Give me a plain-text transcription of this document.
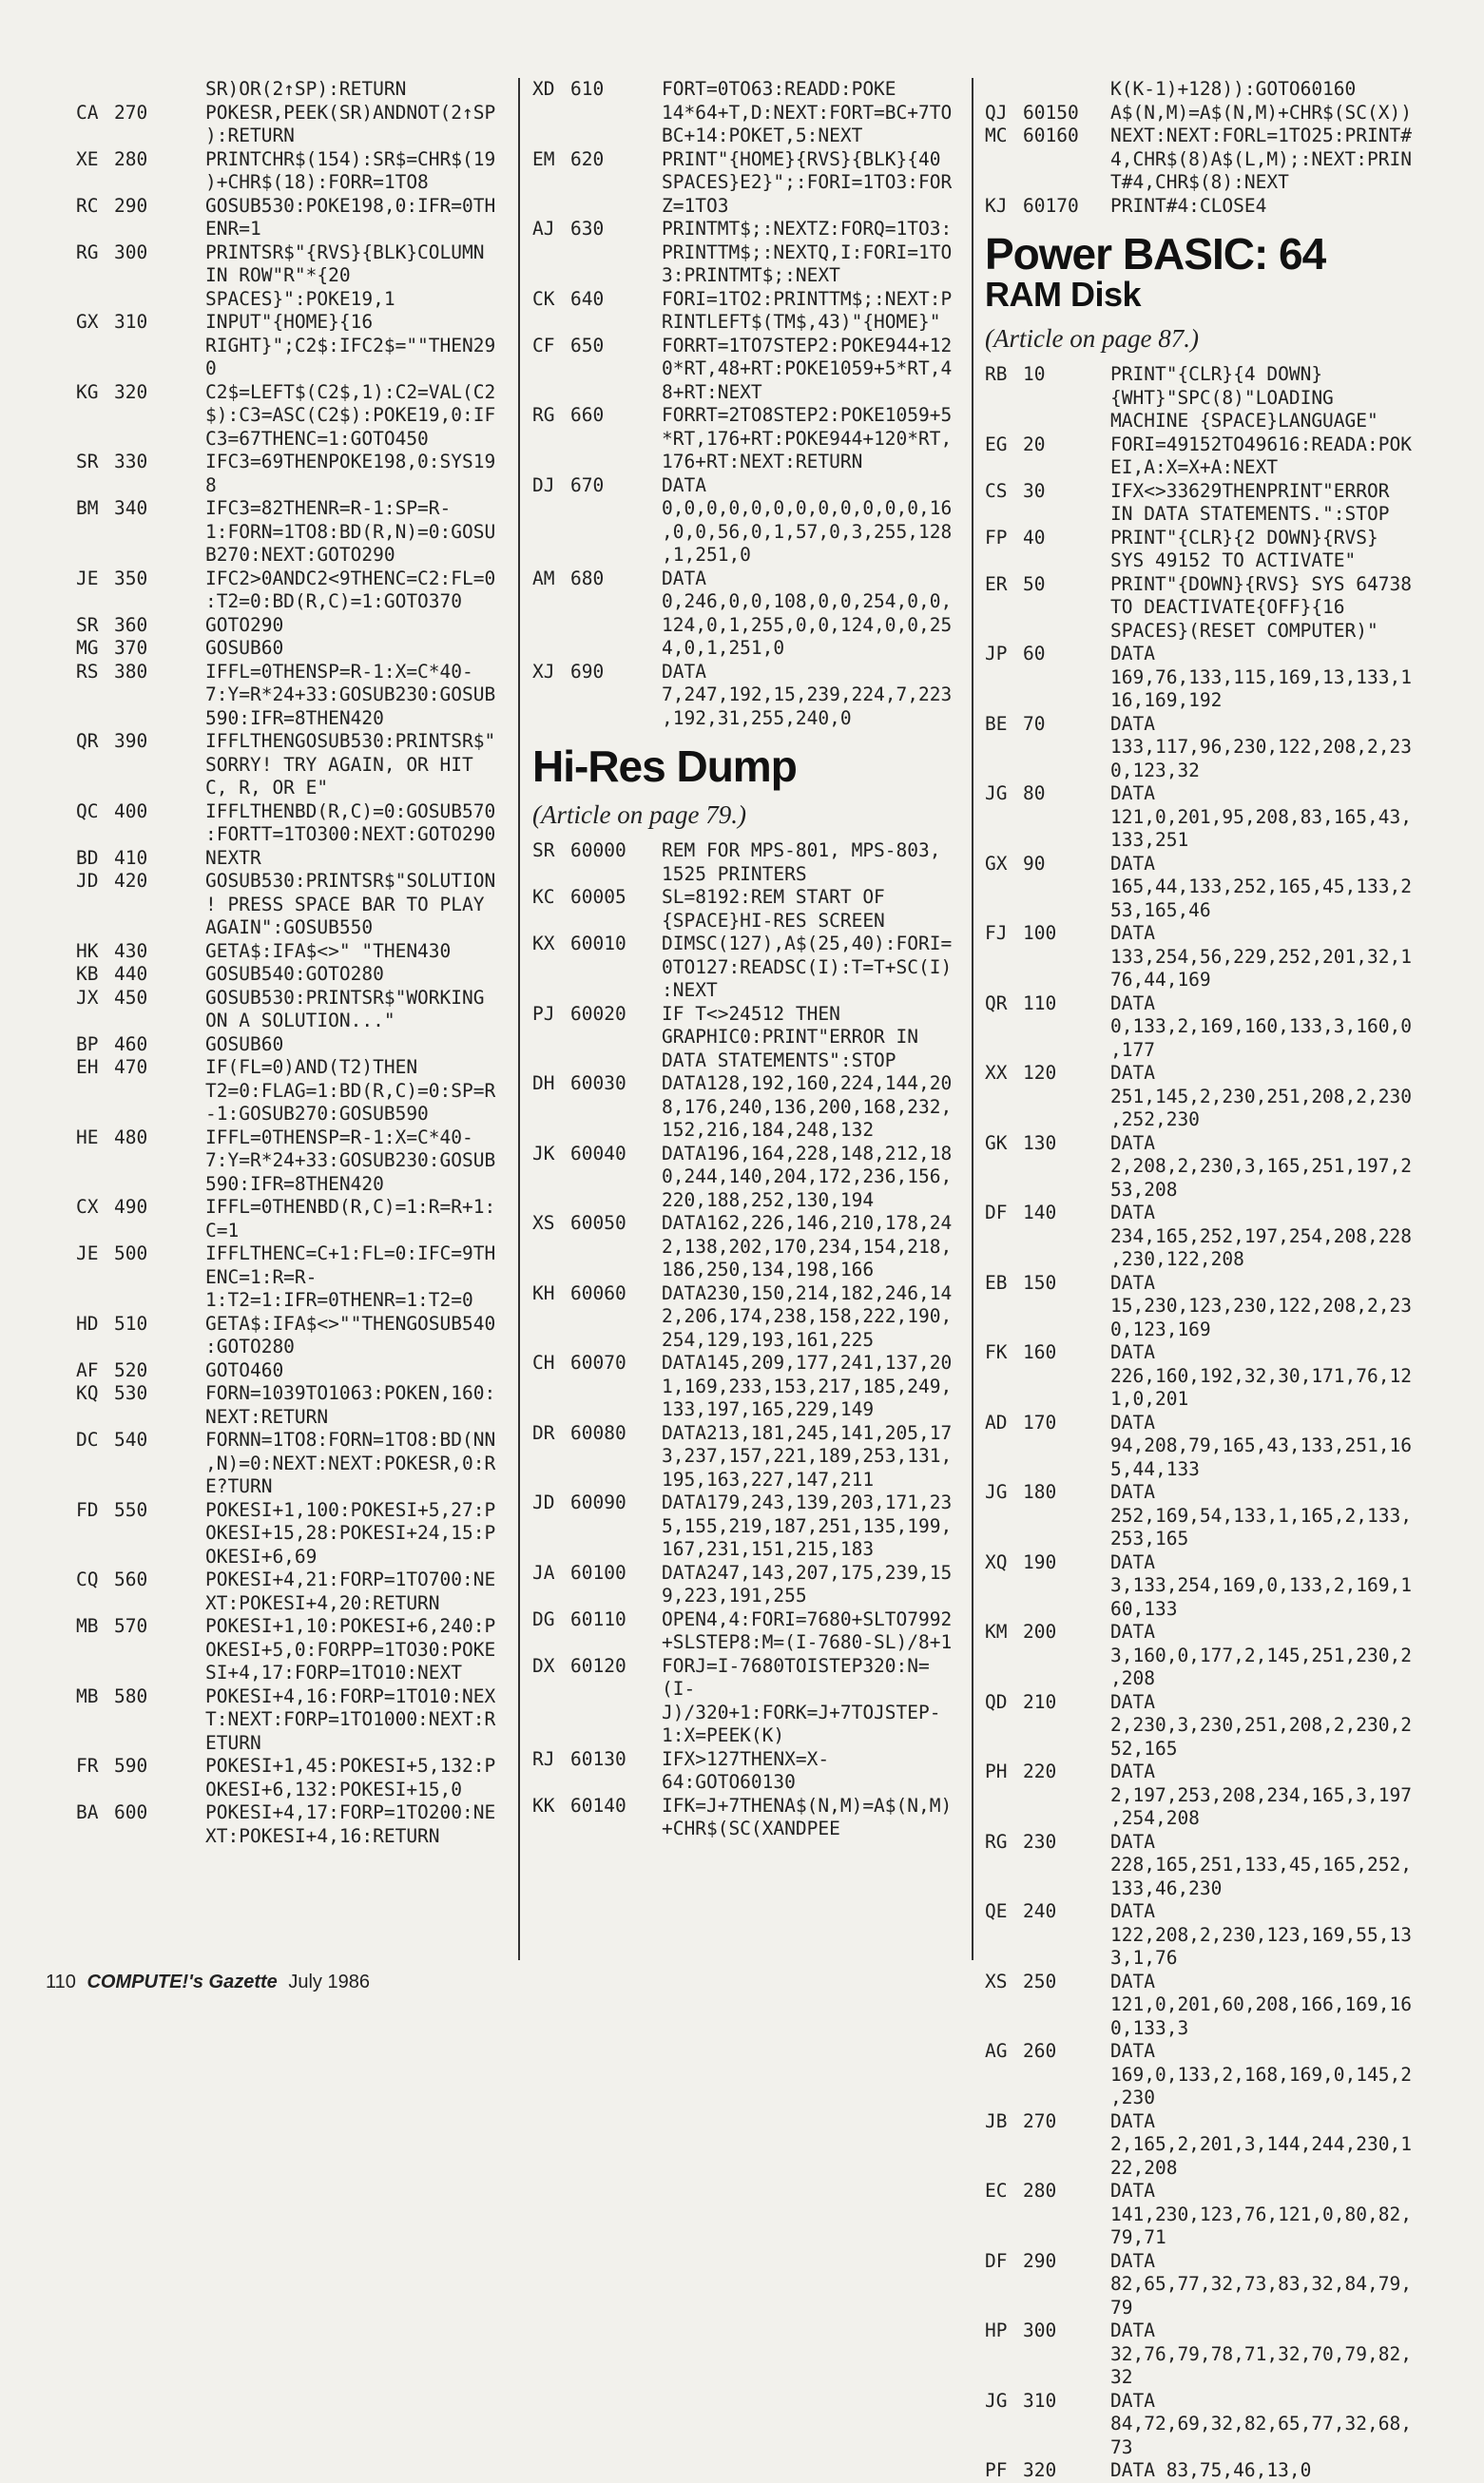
SR)OR(2↑SP):RETURN
CA 270	POKESR,PEEK(SR)ANDNOT(2↑SP):RETURN
XE 280	PRINTCHR$(154):SR$=CHR$(19)+CHR$(18):FORR=1TO8
RC 290	GOSUB530:POKE198,0:IFR=0THENR=1
RG 300	PRINTSR$"{RVS}{BLK}COLUMN IN ROW"R"*{20 SPACES}":POKE19,1
GX 310	INPUT"{HOME}{16 RIGHT}";C2$:IFC2$=""THEN290
KG 320	C2$=LEFT$(C2$,1):C2=VAL(C2$):C3=ASC(C2$):POKE19,0:IFC3=67THENC=1:GOTO450
SR 330	IFC3=69THENPOKE198,0:SYS198
BM 340	IFC3=82THENR=R-1:SP=R-1:FORN=1TO8:BD(R,N)=0:GOSUB270:NEXT:GOTO290
JE 350	IFC2>0ANDC2<9THENC=C2:FL=0:T2=0:BD(R,C)=1:GOTO370
SR 360	GOTO290
MG 370	GOSUB60
RS 380	IFFL=0THENSP=R-1:X=C*40-7:Y=R*24+33:GOSUB230:GOSUB590:IFR=8THEN420
QR 390	IFFLTHENGOSUB530:PRINTSR$"SORRY! TRY AGAIN, OR HIT C, R, OR E"
QC 400	IFFLTHENBD(R,C)=0:GOSUB570:FORTT=1TO300:NEXT:GOTO290
BD 410	NEXTR
JD 420	GOSUB530:PRINTSR$"SOLUTION! PRESS SPACE BAR TO PLAY AGAIN":GOSUB550
HK 430	GETA$:IFA$<>" "THEN430
KB 440	GOSUB540:GOTO280
JX 450	GOSUB530:PRINTSR$"WORKING ON A SOLUTION..."
BP 460	GOSUB60
EH 470	IF(FL=0)AND(T2)THEN T2=0:FLAG=1:BD(R,C)=0:SP=R-1:GOSUB270:GOSUB590
HE 480	IFFL=0THENSP=R-1:X=C*40-7:Y=R*24+33:GOSUB230:GOSUB590:IFR=8THEN420
CX 490	IFFL=0THENBD(R,C)=1:R=R+1:C=1
JE 500	IFFLTHENC=C+1:FL=0:IFC=9THENC=1:R=R-1:T2=1:IFR=0THENR=1:T2=0
HD 510	GETA$:IFA$<>""THENGOSUB540:GOTO280
AF 520	GOTO460
KQ 530	FORN=1039TO1063:POKEN,160:NEXT:RETURN
DC 540	FORNN=1TO8:FORN=1TO8:BD(NN,N)=0:NEXT:NEXT:POKESR,0:RE?TURN
FD 550	POKESI+1,100:POKESI+5,27:POKESI+15,28:POKESI+24,15:POKESI+6,69
CQ 560	POKESI+4,21:FORP=1TO700:NEXT:POKESI+4,20:RETURN
MB 570	POKESI+1,10:POKESI+6,240:POKESI+5,0:FORPP=1TO30:POKESI+4,17:FORP=1TO10:NEXT
MB 580	POKESI+4,16:FORP=1TO10:NEXT:NEXT:FORP=1TO1000:NEXT:RETURN
FR 590	POKESI+1,45:POKESI+5,132:POKESI+6,132:POKESI+15,0
BA 600	POKESI+4,17:FORP=1TO200:NEXT:POKESI+4,16:RETURN
XD 610	FORT=0TO63:READD:POKE 14*64+T,D:NEXT:FORT=BC+7TOBC+14:POKET,5:NEXT
EM 620	PRINT"{HOME}{RVS}{BLK}{40 SPACES}E2}";:FORI=1TO3:FORZ=1TO3
AJ 630	PRINTMT$;:NEXTZ:FORQ=1TO3:PRINTTM$;:NEXTQ,I:FORI=1TO3:PRINTMT$;:NEXT
CK 640	FORI=1TO2:PRINTTM$;:NEXT:PRINTLEFT$(TM$,43)"{HOME}"
CF 650	FORRT=1TO7STEP2:POKE944+120*RT,48+RT:POKE1059+5*RT,48+RT:NEXT
RG 660	FORRT=2TO8STEP2:POKE1059+5*RT,176+RT:POKE944+120*RT,176+RT:NEXT:RETURN
DJ 670	DATA 0,0,0,0,0,0,0,0,0,0,0,0,16,0,0,56,0,1,57,0,3,255,128,1,251,0
AM 680	DATA 0,246,0,0,108,0,0,254,0,0,124,0,1,255,0,0,124,0,0,254,0,1,251,0
XJ 690	DATA 7,247,192,15,239,224,7,223,192,31,255,240,0
Hi-Res Dump
(Article on page 79.)
SR 60000	REM FOR MPS-801, MPS-803, 1525 PRINTERS
KC 60005	SL=8192:REM START OF {SPACE}HI-RES SCREEN
KX 60010	DIMSC(127),A$(25,40):FORI=0TO127:READSC(I):T=T+SC(I):NEXT
PJ 60020	IF T<>24512 THEN GRAPHIC0:PRINT"ERROR IN DATA STATEMENTS":STOP
DH 60030	DATA128,192,160,224,144,208,176,240,136,200,168,232,152,216,184,248,132
JK 60040	DATA196,164,228,148,212,180,244,140,204,172,236,156,220,188,252,130,194
XS 60050	DATA162,226,146,210,178,242,138,202,170,234,154,218,186,250,134,198,166
KH 60060	DATA230,150,214,182,246,142,206,174,238,158,222,190,254,129,193,161,225
CH 60070	DATA145,209,177,241,137,201,169,233,153,217,185,249,133,197,165,229,149
DR 60080	DATA213,181,245,141,205,173,237,157,221,189,253,131,195,163,227,147,211
JD 60090	DATA179,243,139,203,171,235,155,219,187,251,135,199,167,231,151,215,183
JA 60100	DATA247,143,207,175,239,159,223,191,255
DG 60110	OPEN4,4:FORI=7680+SLTO7992+SLSTEP8:M=(I-7680-SL)/8+1
DX 60120	FORJ=I-7680TOISTEP320:N=(I-J)/320+1:FORK=J+7TOJSTEP-1:X=PEEK(K)
RJ 60130	IFX>127THENX=X-64:GOTO60130
KK 60140	IFK=J+7THENA$(N,M)=A$(N,M)+CHR$(SC(XANDPEE
K(K-1)+128)):GOTO60160
QJ 60150	A$(N,M)=A$(N,M)+CHR$(SC(X))
MC 60160	NEXT:NEXT:FORL=1TO25:PRINT#4,CHR$(8)A$(L,M);:NEXT:PRINT#4,CHR$(8):NEXT
KJ 60170	PRINT#4:CLOSE4
Power BASIC: 64
RAM Disk
(Article on page 87.)
RB 10	PRINT"{CLR}{4 DOWN}{WHT}"SPC(8)"LOADING MACHINE {SPACE}LANGUAGE"
EG 20	FORI=49152TO49616:READA:POKEI,A:X=X+A:NEXT
CS 30	IFX<>33629THENPRINT"ERROR IN DATA STATEMENTS.":STOP
FP 40	PRINT"{CLR}{2 DOWN}{RVS} SYS 49152 TO ACTIVATE"
ER 50	PRINT"{DOWN}{RVS} SYS 64738 TO DEACTIVATE{OFF}{16 SPACES}(RESET COMPUTER)"
JP 60	DATA 169,76,133,115,169,13,133,116,169,192
BE 70	DATA 133,117,96,230,122,208,2,230,123,32
JG 80	DATA 121,0,201,95,208,83,165,43,133,251
GX 90	DATA 165,44,133,252,165,45,133,253,165,46
FJ 100	DATA 133,254,56,229,252,201,32,176,44,169
QR 110	DATA 0,133,2,169,160,133,3,160,0,177
XX 120	DATA 251,145,2,230,251,208,2,230,252,230
GK 130	DATA 2,208,2,230,3,165,251,197,253,208
DF 140	DATA 234,165,252,197,254,208,228,230,122,208
EB 150	DATA 15,230,123,230,122,208,2,230,123,169
FK 160	DATA 226,160,192,32,30,171,76,121,0,201
AD 170	DATA 94,208,79,165,43,133,251,165,44,133
JG 180	DATA 252,169,54,133,1,165,2,133,253,165
XQ 190	DATA 3,133,254,169,0,133,2,169,160,133
KM 200	DATA 3,160,0,177,2,145,251,230,2,208
QD 210	DATA 2,230,3,230,251,208,2,230,252,165
PH 220	DATA 2,197,253,208,234,165,3,197,254,208
RG 230	DATA 228,165,251,133,45,165,252,133,46,230
QE 240	DATA 122,208,2,230,123,169,55,133,1,76
XS 250	DATA 121,0,201,60,208,166,169,160,133,3
AG 260	DATA 169,0,133,2,168,169,0,145,2,230
JB 270	DATA 2,165,2,201,3,144,244,230,122,208
EC 280	DATA 141,230,123,76,121,0,80,82,79,71
DF 290	DATA 82,65,77,32,73,83,32,84,79,79
HP 300	DATA 32,76,79,78,71,32,70,79,82,32
JG 310	DATA 84,72,69,32,82,65,77,32,68,73
PF 320	DATA 83,75,46,13,0
110 COMPUTE!'s Gazette July 1986
